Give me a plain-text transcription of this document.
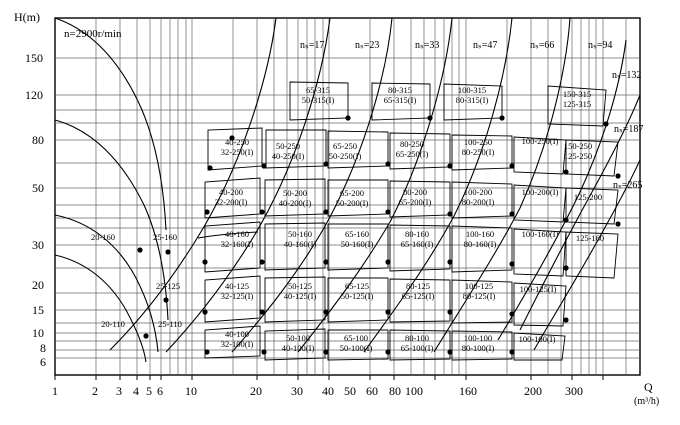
H(m)
Q
(m³/h)
n=2900r/min
150
120
80
50
30
20
15
10
8
6
1	2 3 4 5 6 10	20 30 40 50 60 80 100	160	200 300
nₛ=17	nₛ=23	nₛ=33	nₛ=47	nₛ=66	nₛ=94
nₛ=132
nₛ=187
nₛ=265
65-315
50-315(I)
80-315
65-315(I)
100-315
80-315(I)
150-315
125-315
40-250
32-250(I)
50-250
40-250(I)
65-250
50-250(I)
80-250
65-250(I)
100-250
80-250(I)
100-250(I) 150-250
125-250
40-200
32-200(I)
50-200
40-200(I)
65-200
50-200(I)
80-200
65-200(I)
100-200
80-200(I)
100-200(I)	125-200
20-160	25-160	40-160
32-160(I)
50-160
40-160(I)
65-160
50-160(I)
80-160
65-160(I)
100-160
80-160(I)
100-160(I)	125-160
25-125	40-125
32-125(I)
50-125
40-125(I)
65-125
50-125(I)
80-125
65-125(I)
100-125
80-125(I)
100-125(I)
20-110	25-110
40-100
32-100(I)
50-100
40-100(I)
65-100
50-100(I)
80-100
65-100(I)
100-100
80-100(I)
100-100(I)
